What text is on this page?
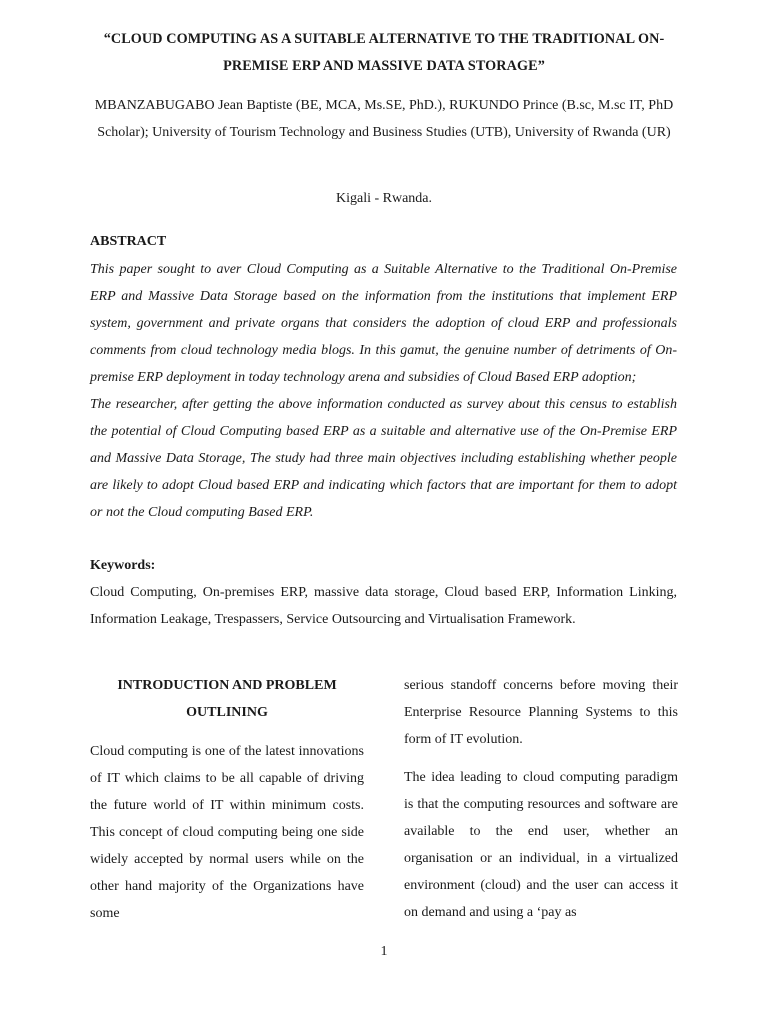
“CLOUD COMPUTING AS A SUITABLE ALTERNATIVE TO THE TRADITIONAL ON-PREMISE ERP AND MASSIVE DATA STORAGE”
MBANZABUGABO Jean Baptiste (BE, MCA, Ms.SE, PhD.), RUKUNDO Prince (B.sc, M.sc IT, PhD Scholar); University of Tourism Technology and Business Studies (UTB), University of Rwanda (UR)
Kigali - Rwanda.
ABSTRACT

This paper sought to aver Cloud Computing as a Suitable Alternative to the Traditional On-Premise ERP and Massive Data Storage based on the information from the institutions that implement ERP system, government and private organs that considers the adoption of cloud ERP and professionals comments from cloud technology media blogs. In this gamut, the genuine number of detriments of On-premise ERP deployment in today technology arena and subsidies of Cloud Based ERP adoption;

The researcher, after getting the above information conducted as survey about this census to establish the potential of Cloud Computing based ERP as a suitable and alternative use of the On-Premise ERP and Massive Data Storage, The study had three main objectives including establishing whether people are likely to adopt Cloud based ERP and indicating which factors that are important for them to adopt or not the Cloud computing Based ERP.

Keywords:
Cloud Computing, On-premises ERP, massive data storage, Cloud based ERP, Information Linking, Information Leakage, Trespassers, Service Outsourcing and Virtualisation Framework.
INTRODUCTION AND PROBLEM OUTLINING

Cloud computing is one of the latest innovations of IT which claims to be all capable of driving the future world of IT within minimum costs. This concept of cloud computing being one side widely accepted by normal users while on the other hand majority of the Organizations have some

serious standoff concerns before moving their Enterprise Resource Planning Systems to this form of IT evolution.

The idea leading to cloud computing paradigm is that the computing resources and software are available to the end user, whether an organisation or an individual, in a virtualized environment (cloud) and the user can access it on demand and using a ‘pay as

1
